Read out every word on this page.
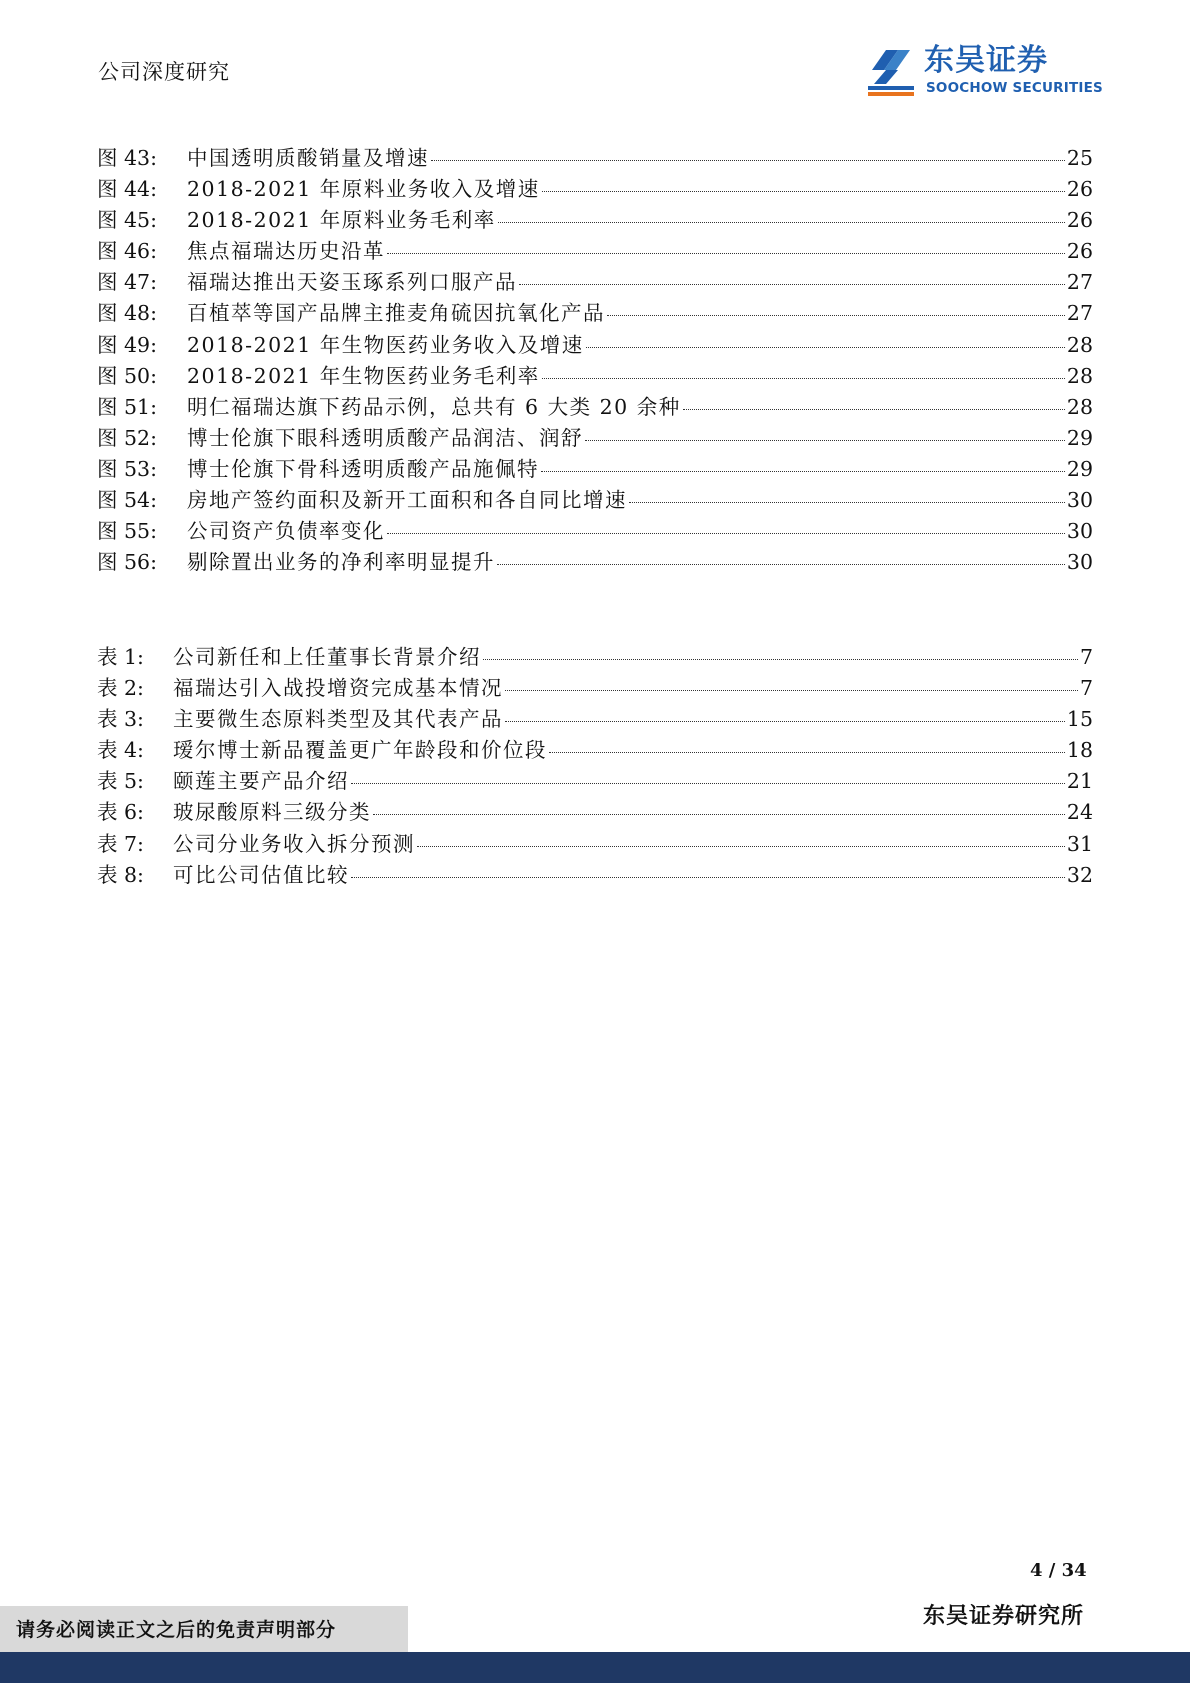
公司深度研究	东吴证券
SOOCHOW SECURITIES
图 43:	中国透明质酸销量及增速	25
图 44:	2018-2021 年原料业务收入及增速	26
图 45:	2018-2021 年原料业务毛利率	26
图 46:	焦点福瑞达历史沿革	26
图 47:	福瑞达推出天姿玉琢系列口服产品	27
图 48:	百植萃等国产品牌主推麦角硫因抗氧化产品	27
图 49:	2018-2021 年生物医药业务收入及增速	28
图 50:	2018-2021 年生物医药业务毛利率	28
图 51:	明仁福瑞达旗下药品示例，总共有 6 大类 20 余种	28
图 52:	博士伦旗下眼科透明质酸产品润洁、润舒	29
图 53:	博士伦旗下骨科透明质酸产品施佩特	29
图 54:	房地产签约面积及新开工面积和各自同比增速	30
图 55:	公司资产负债率变化	30
图 56:	剔除置出业务的净利率明显提升	30
表 1:	公司新任和上任董事长背景介绍	7
表 2:	福瑞达引入战投增资完成基本情况	7
表 3:	主要微生态原料类型及其代表产品	15
表 4:	瑷尔博士新品覆盖更广年龄段和价位段	18
表 5:	颐莲主要产品介绍	21
表 6:	玻尿酸原料三级分类	24
表 7:	公司分业务收入拆分预测	31
表 8:	可比公司估值比较	32
4 / 34
请务必阅读正文之后的免责声明部分
东吴证券研究所
